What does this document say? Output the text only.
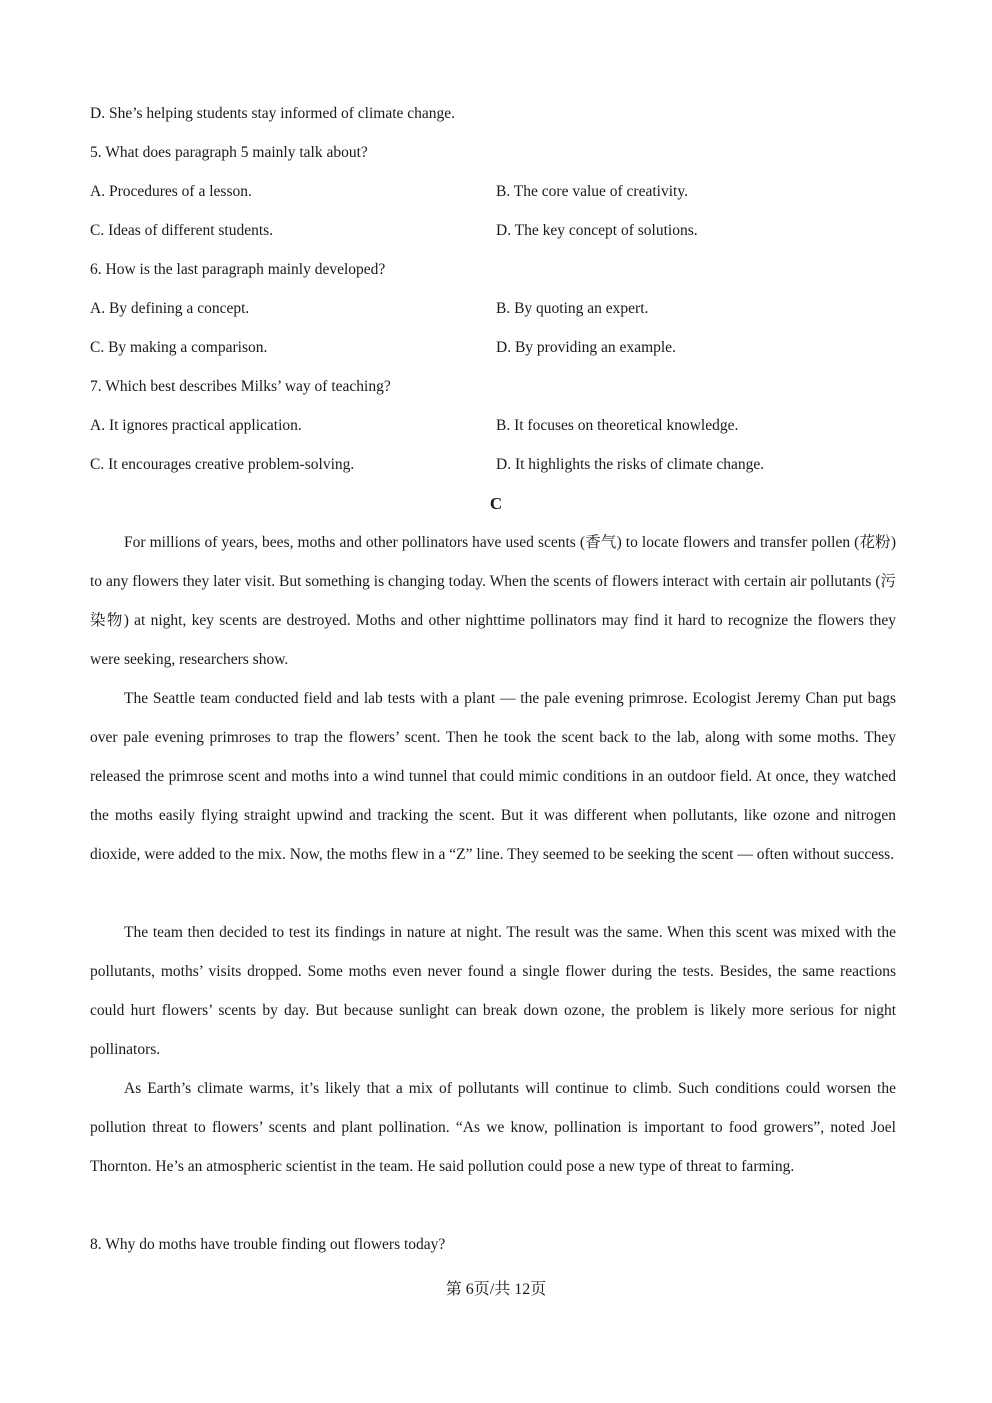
D. She’s helping students stay informed of climate change.
5. What does paragraph 5 mainly talk about?
A. Procedures of a lesson.	B. The core value of creativity.
C. Ideas of different students.	D. The key concept of solutions.
6. How is the last paragraph mainly developed?
A. By defining a concept.	B. By quoting an expert.
C. By making a comparison.	D. By providing an example.
7. Which best describes Milks’ way of teaching?
A. It ignores practical application.	B. It focuses on theoretical knowledge.
C. It encourages creative problem-solving.	D. It highlights the risks of climate change.
C
For millions of years, bees, moths and other pollinators have used scents (香气) to locate flowers and transfer pollen (花粉) to any flowers they later visit. But something is changing today. When the scents of flowers interact with certain air pollutants (污染物) at night, key scents are destroyed. Moths and other nighttime pollinators may find it hard to recognize the flowers they were seeking, researchers show.
The Seattle team conducted field and lab tests with a plant — the pale evening primrose. Ecologist Jeremy Chan put bags over pale evening primroses to trap the flowers’ scent. Then he took the scent back to the lab, along with some moths. They released the primrose scent and moths into a wind tunnel that could mimic conditions in an outdoor field. At once, they watched the moths easily flying straight upwind and tracking the scent. But it was different when pollutants, like ozone and nitrogen dioxide, were added to the mix. Now, the moths flew in a “Z” line. They seemed to be seeking the scent — often without success.
The team then decided to test its findings in nature at night. The result was the same. When this scent was mixed with the pollutants, moths’ visits dropped. Some moths even never found a single flower during the tests. Besides, the same reactions could hurt flowers’ scents by day. But because sunlight can break down ozone, the problem is likely more serious for night pollinators.
As Earth’s climate warms, it’s likely that a mix of pollutants will continue to climb. Such conditions could worsen the pollution threat to flowers’ scents and plant pollination. “As we know, pollination is important to food growers”, noted Joel Thornton. He’s an atmospheric scientist in the team. He said pollution could pose a new type of threat to farming.
8. Why do moths have trouble finding out flowers today?
第 6页/共 12页
